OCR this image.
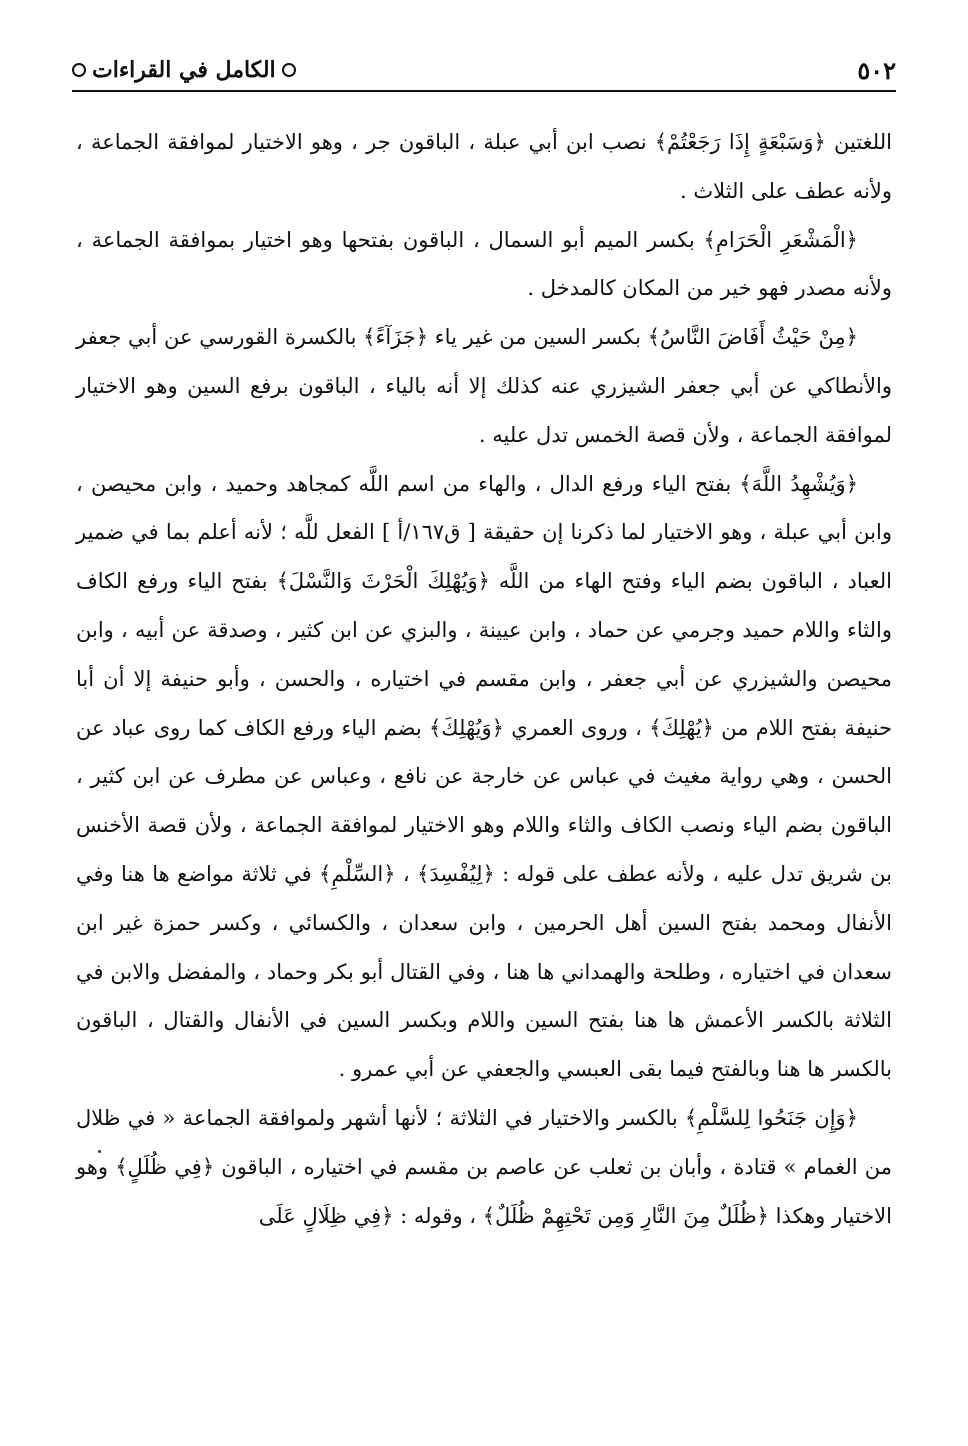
٥٠٢
الكامل في القراءات

اللغتين ﴿وَسَبْعَةٍ إِذَا رَجَعْتُمْ﴾ نصب ابن أبي عبلة ، الباقون جر ، وهو الاختيار لموافقة الجماعة ، ولأنه عطف على الثلاث .

﴿الْمَشْعَرِ الْحَرَامِ﴾ بكسر الميم أبو السمال ، الباقون بفتحها وهو اختيار بموافقة الجماعة ، ولأنه مصدر فهو خير من المكان كالمدخل .

﴿مِنْ حَيْثُ أَفَاضَ النَّاسُ﴾ بكسر السين من غير ياء ﴿جَزَآءً﴾ بالكسرة القورسي عن أبي جعفر والأنطاكي عن أبي جعفر الشيزري عنه كذلك إلا أنه بالياء ، الباقون برفع السين وهو الاختيار لموافقة الجماعة ، ولأن قصة الخمس تدل عليه .

﴿وَيُشْهِدُ اللَّهَ﴾ بفتح الياء ورفع الدال ، والهاء من اسم اللَّه كمجاهد وحميد ، وابن محيصن ، وابن أبي عبلة ، وهو الاختيار لما ذكرنا إن حقيقة [ ق١٦٧/أ ] الفعل للَّه ؛ لأنه أعلم بما في ضمير العباد ، الباقون بضم الياء وفتح الهاء من اللَّه ﴿وَيُهْلِكَ الْحَرْثَ وَالنَّسْلَ﴾ بفتح الياء ورفع الكاف والثاء واللام حميد وجرمي عن حماد ، وابن عيينة ، والبزي عن ابن كثير ، وصدقة عن أبيه ، وابن محيصن والشيزري عن أبي جعفر ، وابن مقسم في اختياره ، والحسن ، وأبو حنيفة إلا أن أبا حنيفة بفتح اللام من ﴿يُهْلِكَ﴾ ، وروى العمري ﴿وَيُهْلِكَ﴾ بضم الياء ورفع الكاف كما روى عباد عن الحسن ، وهي رواية مغيث في عباس عن خارجة عن نافع ، وعباس عن مطرف عن ابن كثير ، الباقون بضم الياء ونصب الكاف والثاء واللام وهو الاختيار لموافقة الجماعة ، ولأن قصة الأخنس بن شريق تدل عليه ، ولأنه عطف على قوله : ﴿لِيُفْسِدَ﴾ ، ﴿السِّلْمِ﴾ في ثلاثة مواضع ها هنا وفي الأنفال ومحمد بفتح السين أهل الحرمين ، وابن سعدان ، والكسائي ، وكسر حمزة غير ابن سعدان في اختياره ، وطلحة والهمداني ها هنا ، وفي القتال أبو بكر وحماد ، والمفضل والابن في الثلاثة بالكسر الأعمش ها هنا بفتح السين واللام وبكسر السين في الأنفال والقتال ، الباقون بالكسر ها هنا وبالفتح فيما بقى العبسي والجعفي عن أبي عمرو .

﴿وَإِن جَنَحُوا لِلسَّلْمِ﴾ بالكسر والاختيار في الثلاثة ؛ لأنها أشهر ولموافقة الجماعة « في ظلال من الغمام » قتادة ، وأبان بن ثعلب عن عاصم بن مقسم في اختياره ، الباقون ﴿فِي ظُلَلٍ﴾ وهو الاختيار وهكذا ﴿ظُلَلٌ مِنَ النَّارِ وَمِن تَحْتِهِمْ ظُلَلٌ﴾ ، وقوله : ﴿فِي ظِلَالٍ عَلَى
